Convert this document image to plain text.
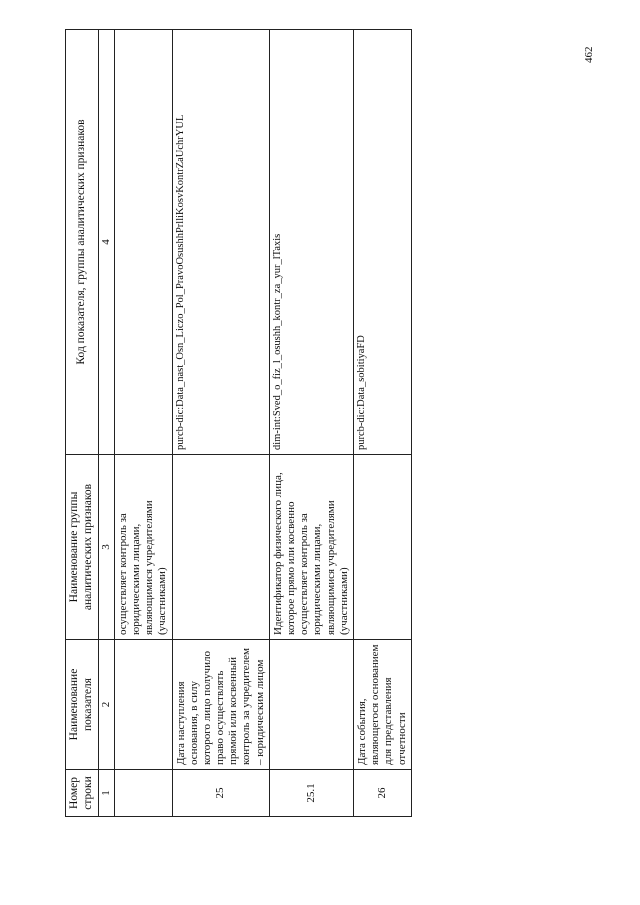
462
Номер строки	Наименование показателя	Наименование группы аналитических признаков	Код показателя, группы аналитических признаков
1	2	3	4
		осуществляет контроль за юридическими лицами, являющимися учредителями (участниками)	
25	Дата наступления основания, в силу которого лицо получило право осуществлять прямой или косвенный контроль за учредителем – юридическим лицом		purcb-dic:Data_nast_Osn_Liczo_Pol_PravoOsushhPrlliKosvKontrZaUchrYUL
25.1		Идентификатор физического лица, которое прямо или косвенно осуществляет контроль за юридическими лицами, являющимися учредителями (участниками)	dim-int:Sved_o_fiz_l_osushh_kontr_za_yur_lTaxis
26	Дата события, являющегося основанием для представления отчетности		purcb-dic:Data_sobitiyaFD
